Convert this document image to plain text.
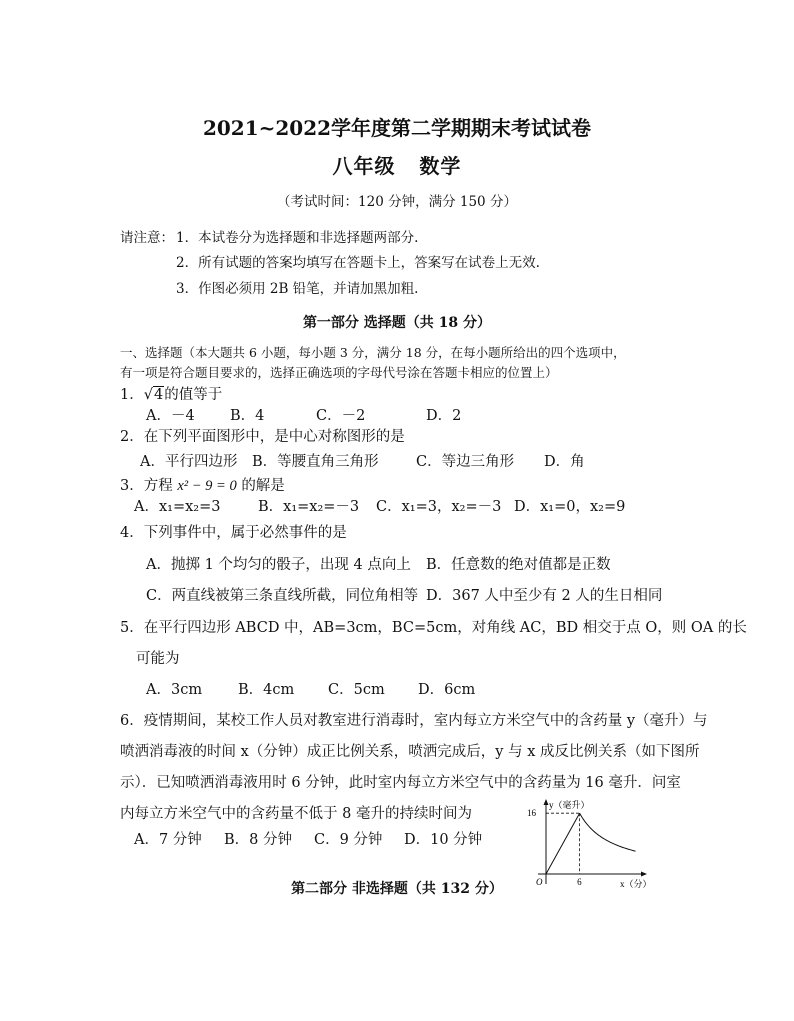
2021~2022学年度第二学期期末考试试卷
八年级   数学
（考试时间：120 分钟，满分 150 分）
请注意： 1．本试卷分为选择题和非选择题两部分.
2．所有试题的答案均填写在答题卡上，答案写在试卷上无效.
3．作图必须用 2B 铅笔，并请加黑加粗.
第一部分 选择题（共 18 分）
一、选择题（本大题共 6 小题，每小题 3 分，满分 18 分，在每小题所给出的四个选项中，
有一项是符合题目要求的，选择正确选项的字母代号涂在答题卡相应的位置上）
1．√4的值等于
A．－4 B．4	C．－2	D．2
2．在下列平面图形中，是中心对称图形的是
A．平行四边形 B．等腰直角三角形	C．等边三角形 D．角
3．方程 x² − 9 = 0 的解是
A．x₁=x₂=3	B．x₁=x₂=－3 C．x₁=3，x₂=－3 D．x₁=0，x₂=9
4．下列事件中，属于必然事件的是
A．抛掷 1 个均匀的骰子，出现 4 点向上 B．任意数的绝对值都是正数
C．两直线被第三条直线所截，同位角相等 D．367 人中至少有 2 人的生日相同
5．在平行四边形 ABCD 中，AB=3cm，BC=5cm，对角线 AC，BD 相交于点 O，则 OA 的长
可能为
A．3cm B．4cm C．5cm D．6cm
6．疫情期间，某校工作人员对教室进行消毒时，室内每立方米空气中的含药量 y（毫升）与
喷洒消毒液的时间 x（分钟）成正比例关系，喷洒完成后，y 与 x 成反比例关系（如下图所
示）．已知喷洒消毒液用时 6 分钟，此时室内每立方米空气中的含药量为 16 毫升．问室
内每立方米空气中的含药量不低于 8 毫升的持续时间为
A．7 分钟 B．8 分钟 C．9 分钟 D．10 分钟
y（毫升）
x（分）
O
16
6
第二部分 非选择题（共 132 分）
